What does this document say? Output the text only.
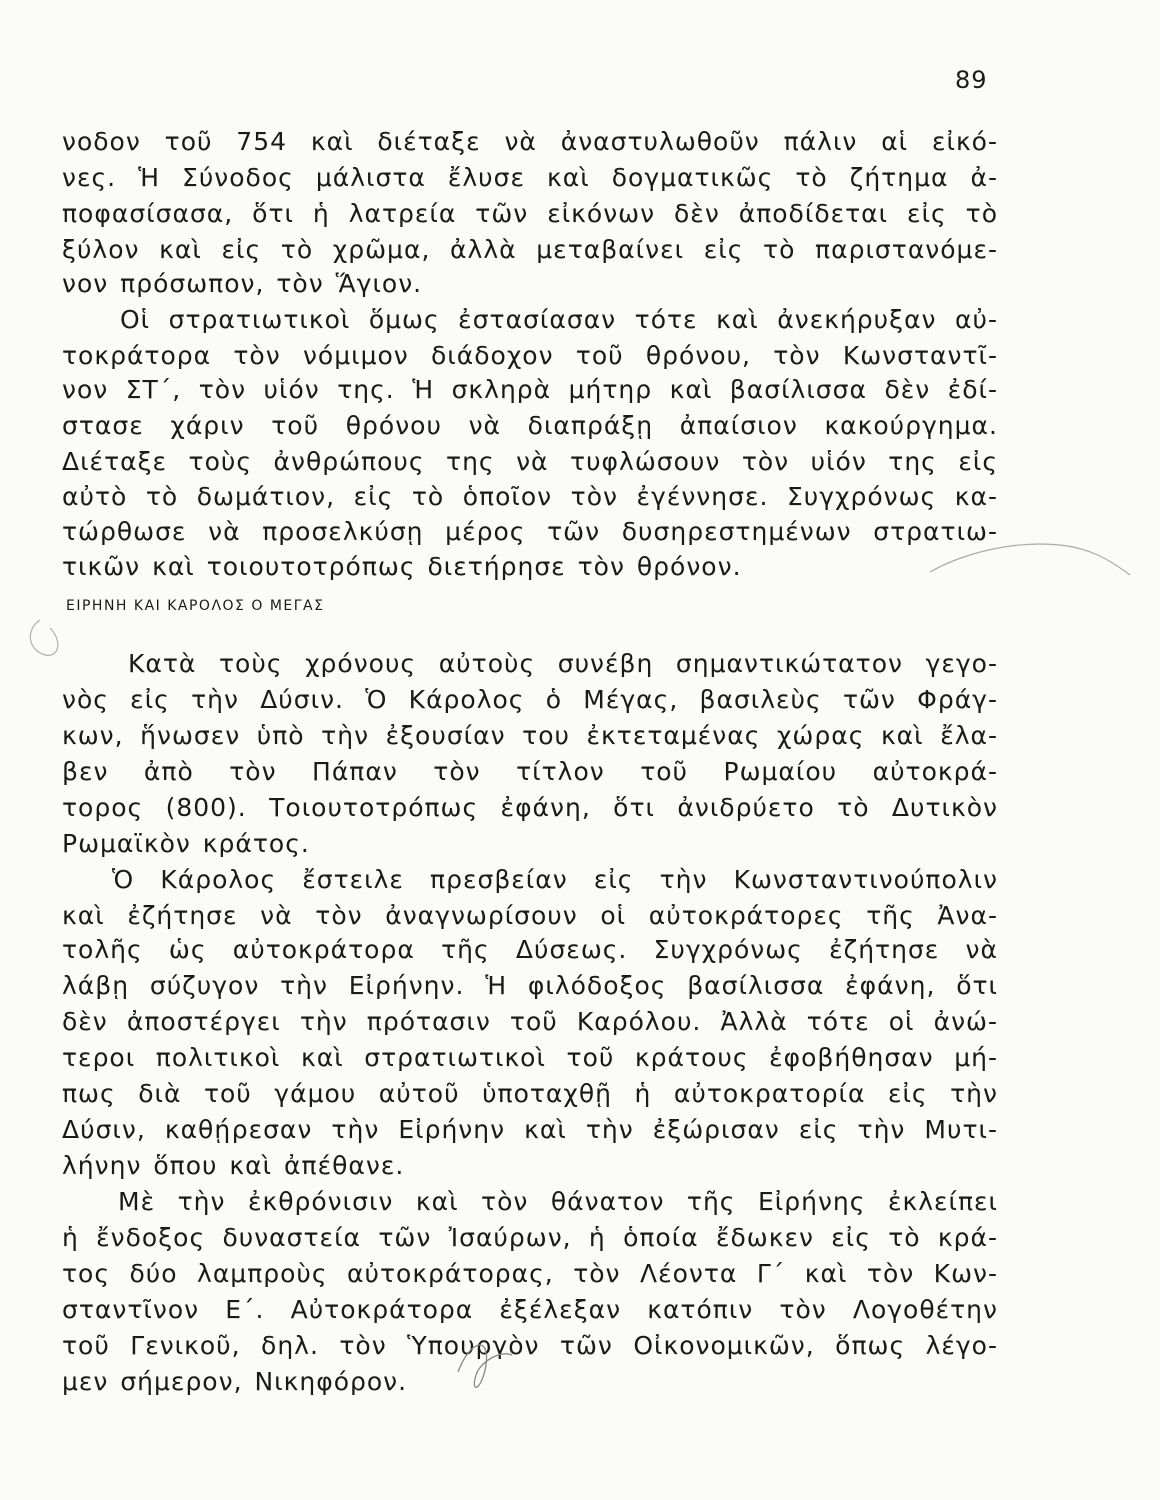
89
νοδον τοῦ 754 καὶ διέταξε νὰ ἀναστυλωθοῦν πάλιν αἱ εἰκό-
νες. Ἡ Σύνοδος μάλιστα ἔλυσε καὶ δογματικῶς τὸ ζήτημα ἀ-
ποφασίσασα, ὅτι ἡ λατρεία τῶν εἰκόνων δὲν ἀποδίδεται εἰς τὸ
ξύλον καὶ εἰς τὸ χρῶμα, ἀλλὰ μεταβαίνει εἰς τὸ παριστανόμε-
νον πρόσωπον, τὸν Ἅγιον.
Οἱ στρατιωτικοὶ ὅμως ἐστασίασαν τότε καὶ ἀνεκήρυξαν αὐ-
τοκράτορα τὸν νόμιμον διάδοχον τοῦ θρόνου, τὸν Κωνσταντῖ-
νον ΣΤ΄, τὸν υἱόν της. Ἡ σκληρὰ μήτηρ καὶ βασίλισσα δὲν ἐδί-
στασε χάριν τοῦ θρόνου νὰ διαπράξῃ ἀπαίσιον κακούργημα.
Διέταξε τοὺς ἀνθρώπους της νὰ τυφλώσουν τὸν υἱόν της εἰς
αὐτὸ τὸ δωμάτιον, εἰς τὸ ὁποῖον τὸν ἐγέννησε. Συγχρόνως κα-
τώρθωσε νὰ προσελκύσῃ μέρος τῶν δυσηρεστημένων στρατιω-
τικῶν καὶ τοιουτοτρόπως διετήρησε τὸν θρόνον.
ΕΙΡΗΝΗ ΚΑΙ ΚΑΡΟΛΟΣ Ο ΜΕΓΑΣ
Κατὰ τοὺς χρόνους αὐτοὺς συνέβη σημαντικώτατον γεγο-
νὸς εἰς τὴν Δύσιν. Ὁ Κάρολος ὁ Μέγας, βασιλεὺς τῶν Φράγ-
κων, ἥνωσεν ὑπὸ τὴν ἐξουσίαν του ἐκτεταμένας χώρας καὶ ἔλα-
βεν ἀπὸ τὸν Πάπαν τὸν τίτλον τοῦ Ρωμαίου αὐτοκρά-
τορος (800). Τοιουτοτρόπως ἐφάνη, ὅτι ἀνιδρύετο τὸ Δυτικὸν
Ρωμαϊκὸν κράτος.
Ὁ Κάρολος ἔστειλε πρεσβείαν εἰς τὴν Κωνσταντινούπολιν
καὶ ἐζήτησε νὰ τὸν ἀναγνωρίσουν οἱ αὐτοκράτορες τῆς Ἀνα-
τολῆς ὡς αὐτοκράτορα τῆς Δύσεως. Συγχρόνως ἐζήτησε νὰ
λάβῃ σύζυγον τὴν Εἰρήνην. Ἡ φιλόδοξος βασίλισσα ἐφάνη, ὅτι
δὲν ἀποστέργει τὴν πρότασιν τοῦ Καρόλου. Ἀλλὰ τότε οἱ ἀνώ-
τεροι πολιτικοὶ καὶ στρατιωτικοὶ τοῦ κράτους ἐφοβήθησαν μή-
πως διὰ τοῦ γάμου αὐτοῦ ὑποταχθῇ ἡ αὐτοκρατορία εἰς τὴν
Δύσιν, καθῄρεσαν τὴν Εἰρήνην καὶ τὴν ἐξώρισαν εἰς τὴν Μυτι-
λήνην ὅπου καὶ ἀπέθανε.
Μὲ τὴν ἐκθρόνισιν καὶ τὸν θάνατον τῆς Εἰρήνης ἐκλείπει
ἡ ἔνδοξος δυναστεία τῶν Ἰσαύρων, ἡ ὁποία ἔδωκεν εἰς τὸ κρά-
τος δύο λαμπροὺς αὐτοκράτορας, τὸν Λέοντα Γ΄ καὶ τὸν Κων-
σταντῖνον Ε΄. Αὐτοκράτορα ἐξέλεξαν κατόπιν τὸν Λογοθέτην
τοῦ Γενικοῦ, δηλ. τὸν Ὑπουργὸν τῶν Οἰκονομικῶν, ὅπως λέγο-
μεν σήμερον, Νικηφόρον.
